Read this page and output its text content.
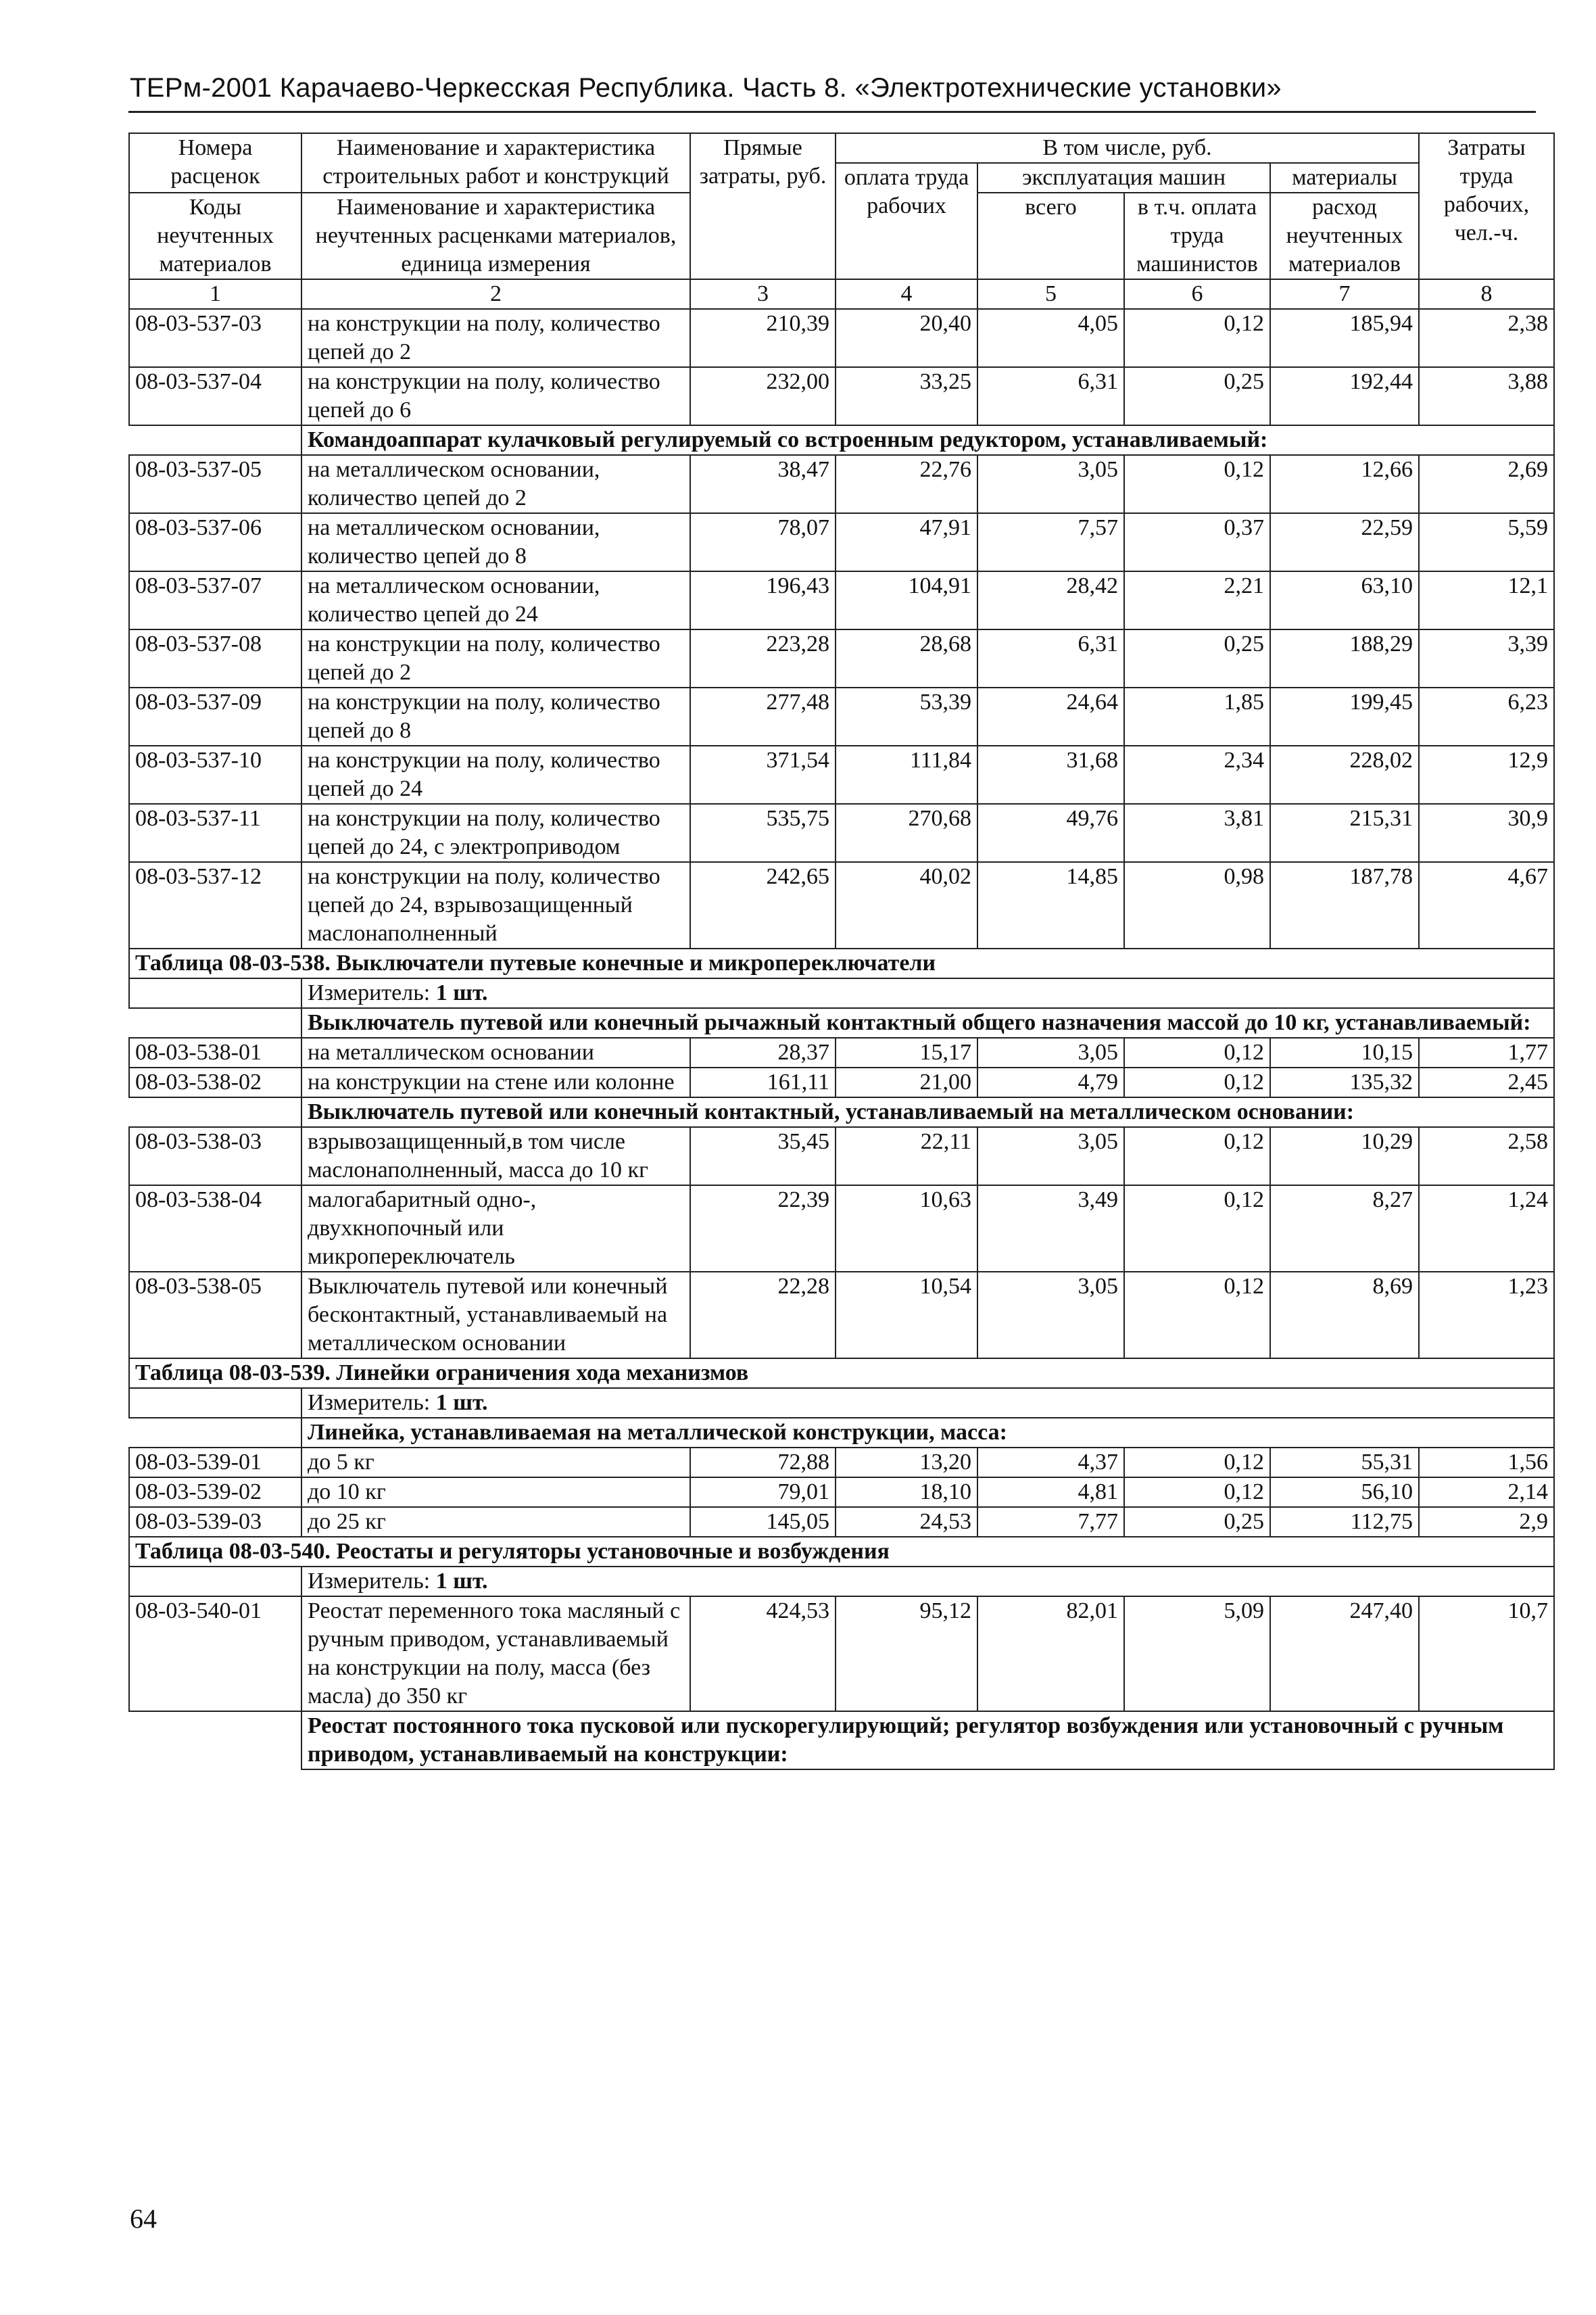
ТЕРм-2001 Карачаево-Черкесская Республика. Часть 8. «Электротехнические установки»
Номера расценок	Наименование и характеристика строительных работ и конструкций	Прямые затраты, руб.	В том числе, руб.				Затраты труда рабочих, чел.-ч.
			оплата труда рабочих	эксплуатация машин		материалы	
Коды неучтенных материалов	Наименование и характеристика неучтенных расценками материалов, единица измерения			всего	в т.ч. оплата труда машинистов	расход неучтенных материалов	

1	2	3	4	5	6	7	8
08-03-537-03	на конструкции на полу, количество цепей до 2	210,39	20,40	4,05	0,12	185,94	2,38
08-03-537-04	на конструкции на полу, количество цепей до 6	232,00	33,25	6,31	0,25	192,44	3,88
	Командоаппарат кулачковый регулируемый со встроенным редуктором, устанавливаемый:						
08-03-537-05	на металлическом основании, количество цепей до 2	38,47	22,76	3,05	0,12	12,66	2,69
08-03-537-06	на металлическом основании, количество цепей до 8	78,07	47,91	7,57	0,37	22,59	5,59
08-03-537-07	на металлическом основании, количество цепей до 24	196,43	104,91	28,42	2,21	63,10	12,1
08-03-537-08	на конструкции на полу, количество цепей до 2	223,28	28,68	6,31	0,25	188,29	3,39
08-03-537-09	на конструкции на полу, количество цепей до 8	277,48	53,39	24,64	1,85	199,45	6,23
08-03-537-10	на конструкции на полу, количество цепей до 24	371,54	111,84	31,68	2,34	228,02	12,9
08-03-537-11	на конструкции на полу, количество цепей до 24, с электроприводом	535,75	270,68	49,76	3,81	215,31	30,9
08-03-537-12	на конструкции на полу, количество цепей до 24, взрывозащищенный маслонаполненный	242,65	40,02	14,85	0,98	187,78	4,67
Таблица 08-03-538. Выключатели путевые конечные и микропереключатели							
	Измеритель: 1 шт.						
	Выключатель путевой или конечный рычажный контактный общего назначения массой до 10 кг, устанавливаемый:						
08-03-538-01	на металлическом основании	28,37	15,17	3,05	0,12	10,15	1,77
08-03-538-02	на конструкции на стене или колонне	161,11	21,00	4,79	0,12	135,32	2,45
	Выключатель путевой или конечный контактный, устанавливаемый на металлическом основании:						
08-03-538-03	взрывозащищенный,в том числе маслонаполненный, масса до 10 кг	35,45	22,11	3,05	0,12	10,29	2,58
08-03-538-04	малогабаритный одно-, двухкнопочный или микропереключатель	22,39	10,63	3,49	0,12	8,27	1,24
08-03-538-05	Выключатель путевой или конечный бесконтактный, устанавливаемый на металлическом основании	22,28	10,54	3,05	0,12	8,69	1,23
Таблица 08-03-539. Линейки ограничения хода механизмов							
	Измеритель: 1 шт.						
	Линейка, устанавливаемая на металлической конструкции, масса:						
08-03-539-01	до 5 кг	72,88	13,20	4,37	0,12	55,31	1,56
08-03-539-02	до 10 кг	79,01	18,10	4,81	0,12	56,10	2,14
08-03-539-03	до 25 кг	145,05	24,53	7,77	0,25	112,75	2,9
Таблица 08-03-540. Реостаты и регуляторы установочные и возбуждения							
	Измеритель: 1 шт.						
08-03-540-01	Реостат переменного тока масляный с ручным приводом, устанавливаемый на конструкции на полу, масса (без масла) до 350 кг	424,53	95,12	82,01	5,09	247,40	10,7
	Реостат постоянного тока пусковой или пускорегулирующий; регулятор возбуждения или установочный с ручным приводом, устанавливаемый на конструкции:						
64
